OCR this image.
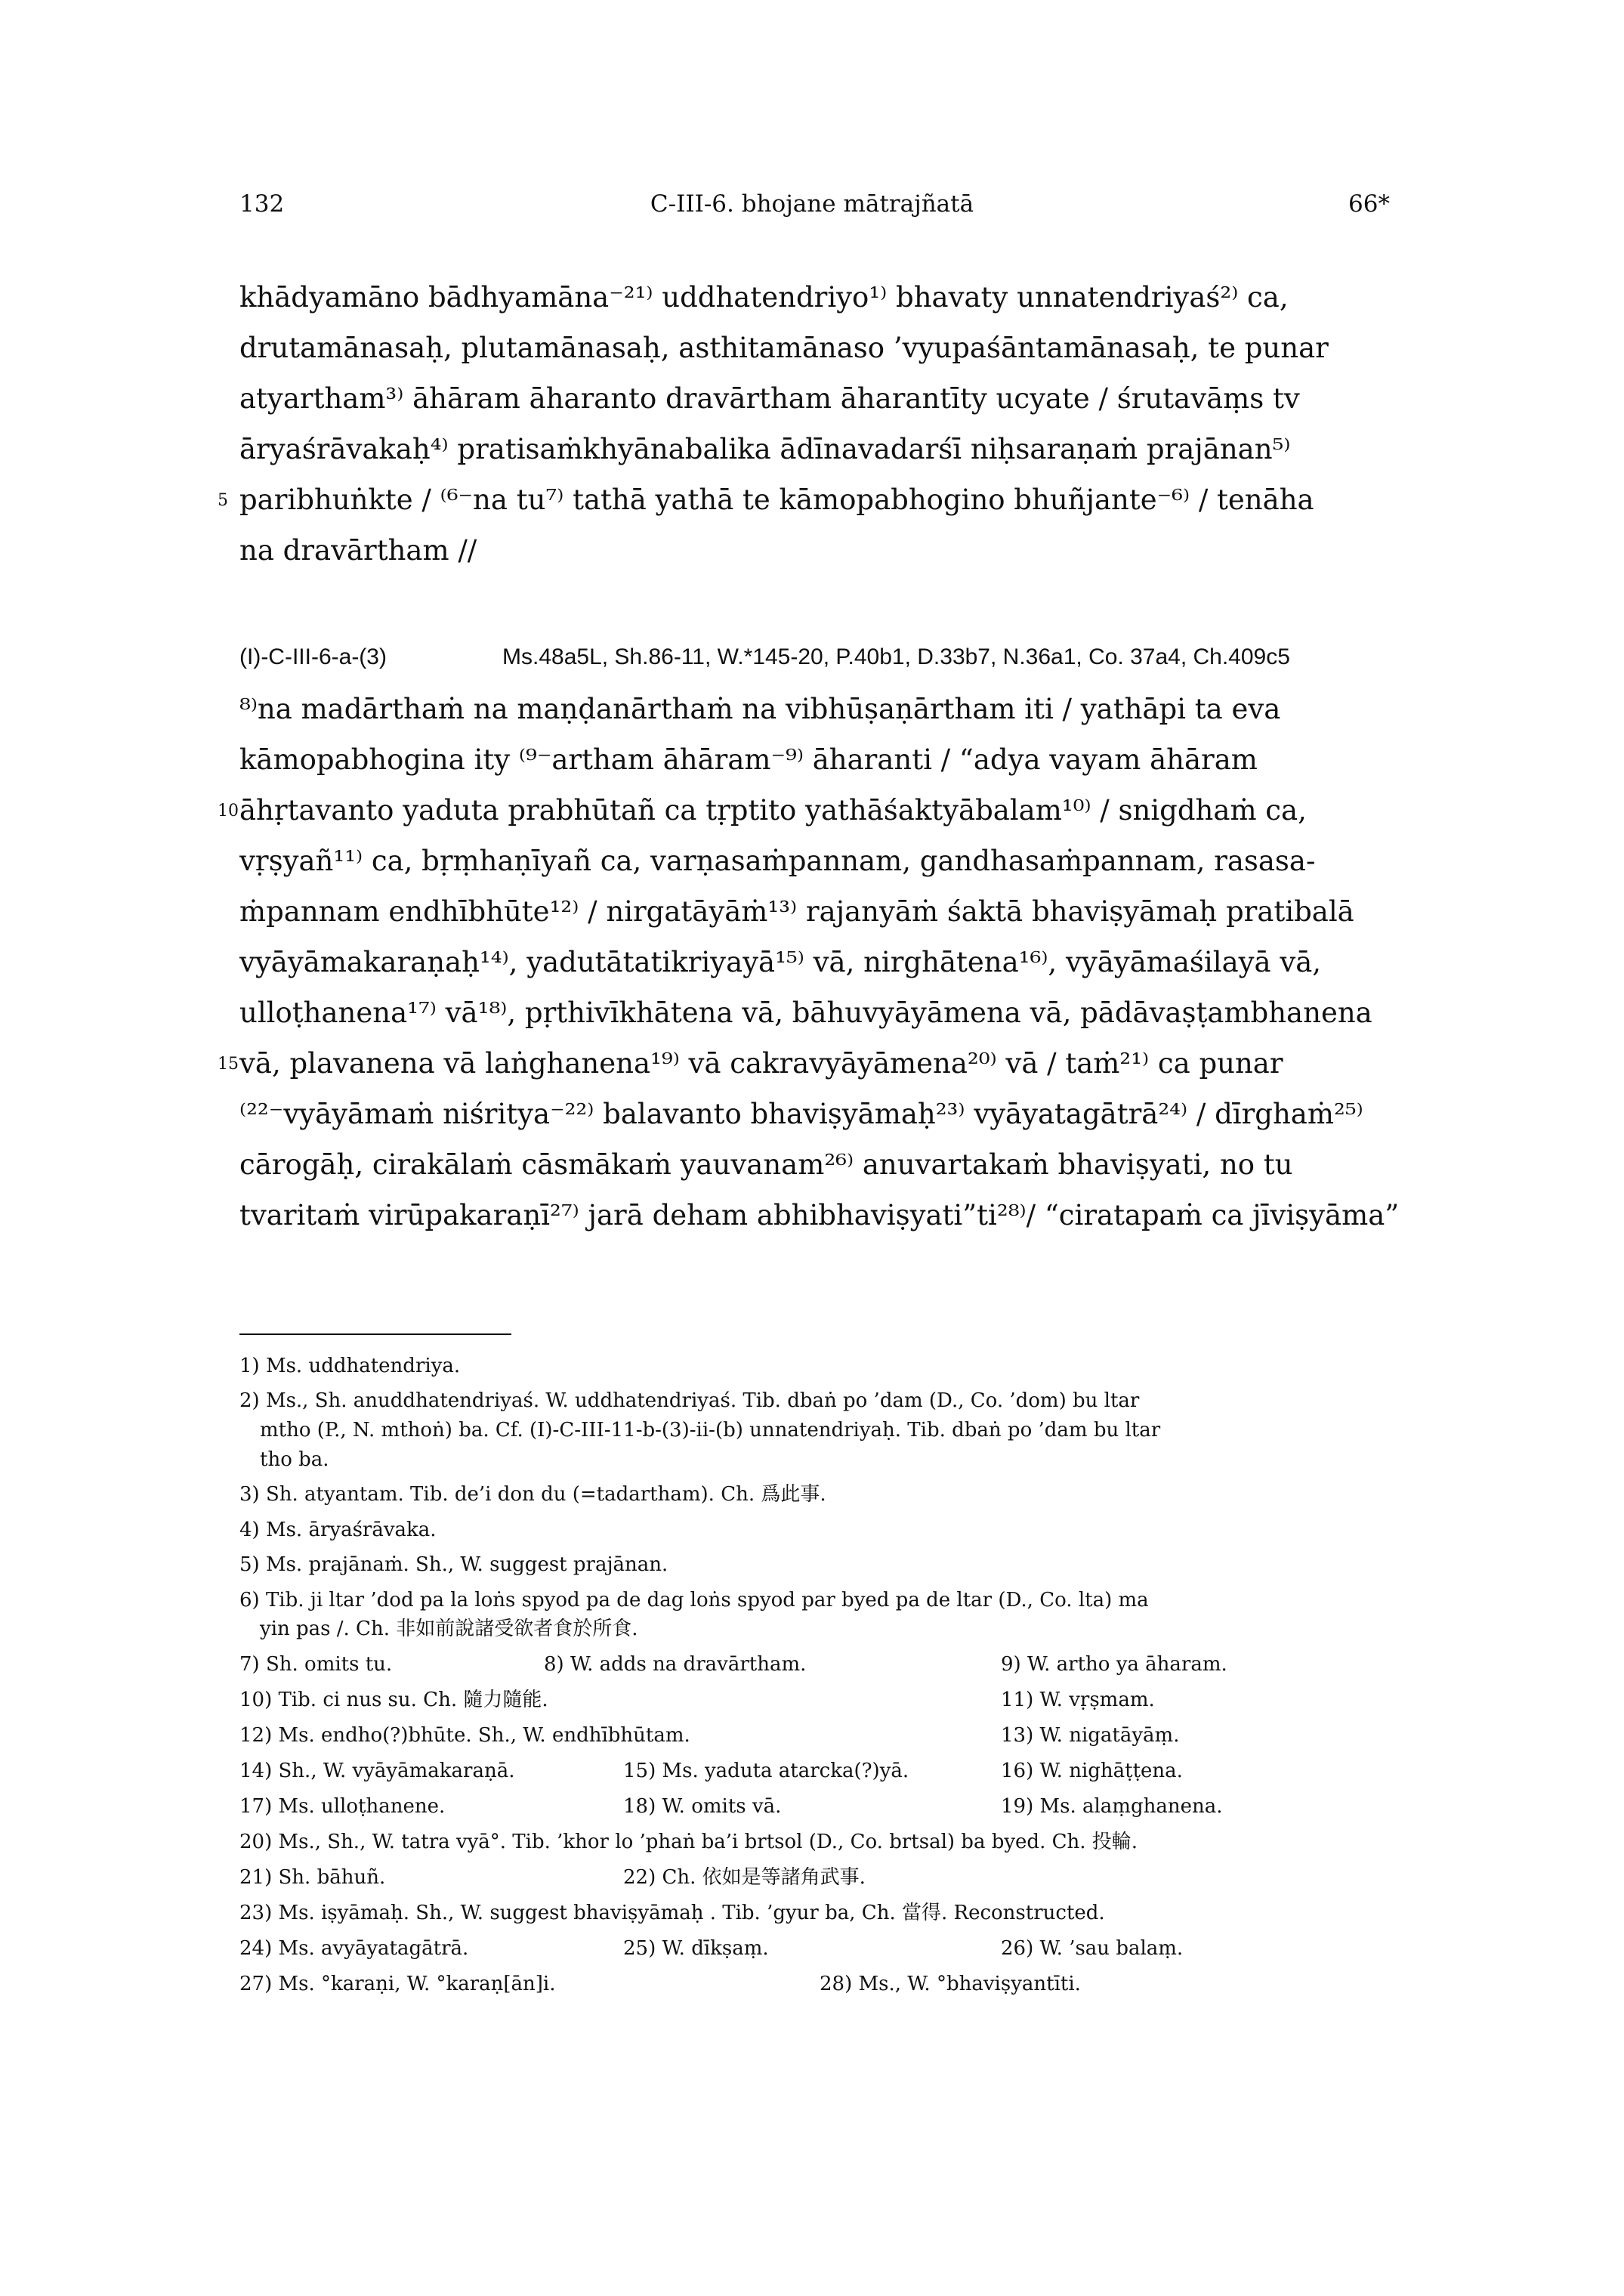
132	C-III-6. bhojane mātrajñatā	66*
khādyamāno bādhyamāna⁻²¹⁾ uddhatendriyo¹⁾ bhavaty unnatendriyaś²⁾ ca,
drutamānasaḥ, plutamānasaḥ, asthitamānaso ’vyupaśāntamānasaḥ, te punar
atyartham³⁾ āhāram āharanto dravārtham āharantīty ucyate / śrutavāṃs tv
āryaśrāvakaḥ⁴⁾ pratisaṁkhyānabalika ādīnavadarśī niḥsaraṇaṁ prajānan⁵⁾
5 paribhuṅkte / ⁽⁶⁻na tu⁷⁾ tathā yathā te kāmopabhogino bhuñjante⁻⁶⁾ / tenāha
na dravārtham //
(I)-C-III-6-a-(3)	Ms.48a5L, Sh.86-11, W.*145-20, P.40b1, D.33b7, N.36a1, Co. 37a4, Ch.409c5
⁸⁾na madārthaṁ na maṇḍanārthaṁ na vibhūṣaṇārtham iti / yathāpi ta eva
kāmopabhogina ity ⁽⁹⁻artham āhāram⁻⁹⁾ āharanti / “adya vayam āhāram
10 āhṛtavanto yaduta prabhūtañ ca tṛptito yathāśaktyābalam¹⁰⁾ / snigdhaṁ ca,
vṛṣyañ¹¹⁾ ca, bṛṃhaṇīyañ ca, varṇasaṁpannam, gandhasaṁpannam, rasasa-
ṁpannam endhībhūte¹²⁾ / nirgatāyāṁ¹³⁾ rajanyāṁ śaktā bhaviṣyāmaḥ pratibalā
vyāyāmakaraṇaḥ¹⁴⁾, yadutātatikriyayā¹⁵⁾ vā, nirghātena¹⁶⁾, vyāyāmaśilayā vā,
ulloṭhanena¹⁷⁾ vā¹⁸⁾, pṛthivīkhātena vā, bāhuvyāyāmena vā, pādāvaṣṭambhanena
15 vā, plavanena vā laṅghanena¹⁹⁾ vā cakravyāyāmena²⁰⁾ vā / taṁ²¹⁾ ca punar
⁽²²⁻vyāyāmaṁ niśritya⁻²²⁾ balavanto bhaviṣyāmaḥ²³⁾ vyāyatagātrā²⁴⁾ / dīrghaṁ²⁵⁾
cārogāḥ, cirakālaṁ cāsmākaṁ yauvanam²⁶⁾ anuvartakaṁ bhaviṣyati, no tu
tvaritaṁ virūpakaraṇī²⁷⁾ jarā deham abhibhaviṣyati”ti²⁸⁾/ “ciratараṁ ca jīviṣyāma”
1) Ms. uddhatendriya.
2) Ms., Sh. anuddhatendriyaś. W. uddhatendriyaś. Tib. dbaṅ po ’dam (D., Co. ’dom) bu ltar
mtho (P., N. mthoṅ) ba. Cf. (I)-C-III-11-b-(3)-ii-(b) unnatendriyaḥ. Tib. dbaṅ po ’dam bu ltar
tho ba.
3) Sh. atyantam. Tib. de’i don du (=tadartham). Ch. 爲此事.
4) Ms. āryaśrāvaka.
5) Ms. prajānaṁ. Sh., W. suggest prajānan.
6) Tib. ji ltar ’dod pa la loṅs spyod pa de dag loṅs spyod par byed pa de ltar (D., Co. lta) ma
yin pas /. Ch. 非如前說諸受欲者食於所食.
7) Sh. omits tu.	8) W. adds na dravārtham.	9) W. artho ya āharam.
10) Tib. ci nus su. Ch. 隨力隨能.	11) W. vṛṣmam.
12) Ms. endho(?)bhūte. Sh., W. endhībhūtam.	13) W. nigatāyāṃ.
14) Sh., W. vyāyāmakaraṇā.	15) Ms. yaduta atarcka(?)yā.	16) W. nighāṭṭena.
17) Ms. ulloṭhanene.	18) W. omits vā.	19) Ms. alaṃghanena.
20) Ms., Sh., W. tatra vyā°. Tib. ’khor lo ’phaṅ ba’i brtsol (D., Co. brtsal) ba byed. Ch. 投輪.
21) Sh. bāhuñ.	22) Ch. 依如是等諸角武事.
23) Ms. iṣyāmaḥ. Sh., W. suggest bhaviṣyāmaḥ . Tib. ’gyur ba, Ch. 當得. Reconstructed.
24) Ms. avyāyatagātrā.	25) W. dīkṣaṃ.	26) W. ’sau balaṃ.
27) Ms. °karaṇi, W. °karaṇ[ān]i.	28) Ms., W. °bhaviṣyantīti.
